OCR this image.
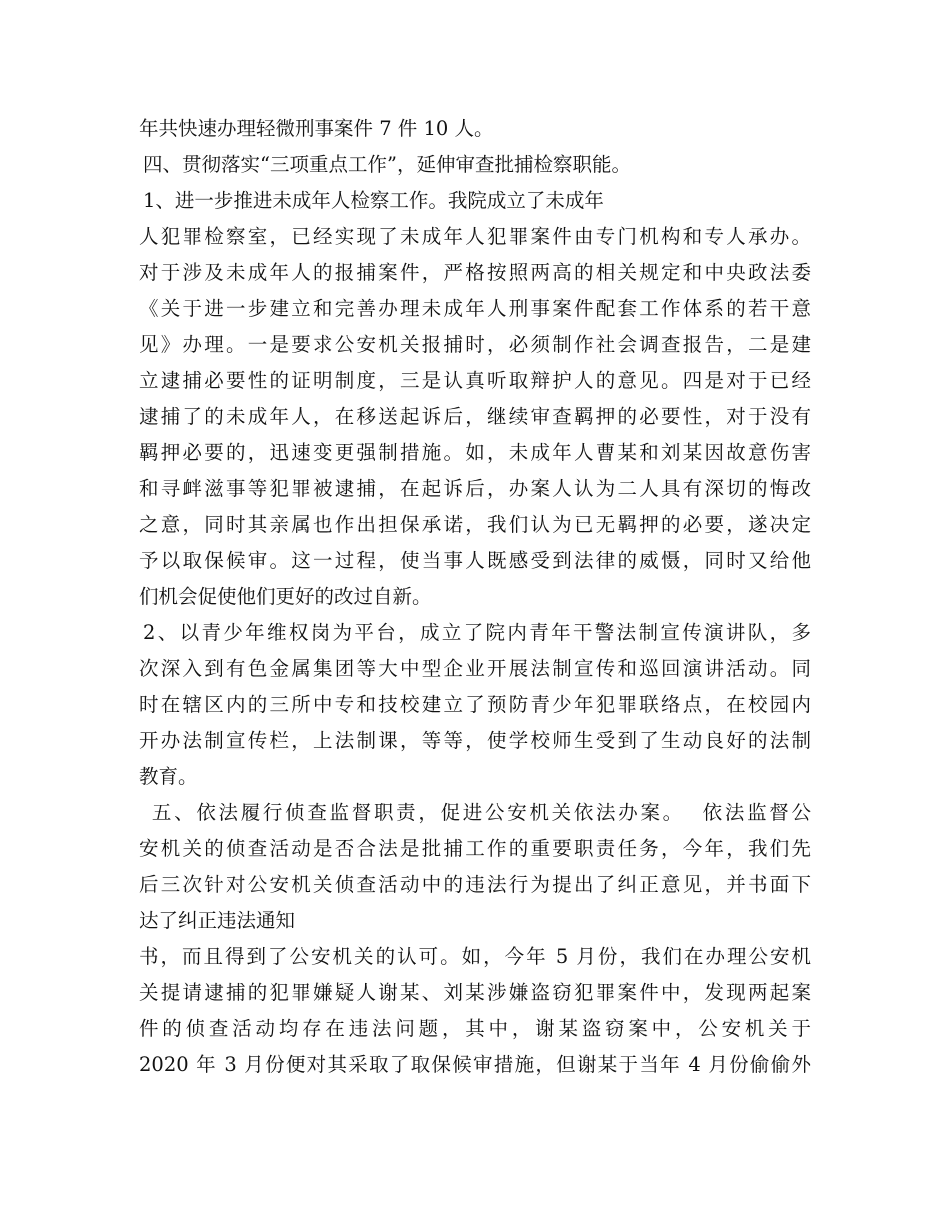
年共快速办理轻微刑事案件 7 件 10 人。
四、贯彻落实“三项重点工作”，延伸审查批捕检察职能。
1、进一步推进未成年人检察工作。我院成立了未成年
人犯罪检察室，已经实现了未成年人犯罪案件由专门机构和专人承办。
对于涉及未成年人的报捕案件，严格按照两高的相关规定和中央政法委
《关于进一步建立和完善办理未成年人刑事案件配套工作体系的若干意
见》办理。一是要求公安机关报捕时，必须制作社会调查报告，二是建
立逮捕必要性的证明制度，三是认真听取辩护人的意见。四是对于已经
逮捕了的未成年人，在移送起诉后，继续审查羁押的必要性，对于没有
羁押必要的，迅速变更强制措施。如，未成年人曹某和刘某因故意伤害
和寻衅滋事等犯罪被逮捕，在起诉后，办案人认为二人具有深切的悔改
之意，同时其亲属也作出担保承诺，我们认为已无羁押的必要，遂决定
予以取保候审。这一过程，使当事人既感受到法律的威慑，同时又给他
们机会促使他们更好的改过自新。
2、以青少年维权岗为平台，成立了院内青年干警法制宣传演讲队，多
次深入到有色金属集团等大中型企业开展法制宣传和巡回演讲活动。同
时在辖区内的三所中专和技校建立了预防青少年犯罪联络点，在校园内
开办法制宣传栏，上法制课，等等，使学校师生受到了生动良好的法制
教育。
五、依法履行侦查监督职责，促进公安机关依法办案。  依法监督公
安机关的侦查活动是否合法是批捕工作的重要职责任务，今年，我们先
后三次针对公安机关侦查活动中的违法行为提出了纠正意见，并书面下
达了纠正违法通知
书，而且得到了公安机关的认可。如，今年 5 月份，我们在办理公安机
关提请逮捕的犯罪嫌疑人谢某、刘某涉嫌盗窃犯罪案件中，发现两起案
件的侦查活动均存在违法问题，其中，谢某盗窃案中，公安机关于
2020 年 3 月份便对其采取了取保候审措施，但谢某于当年 4 月份偷偷外
